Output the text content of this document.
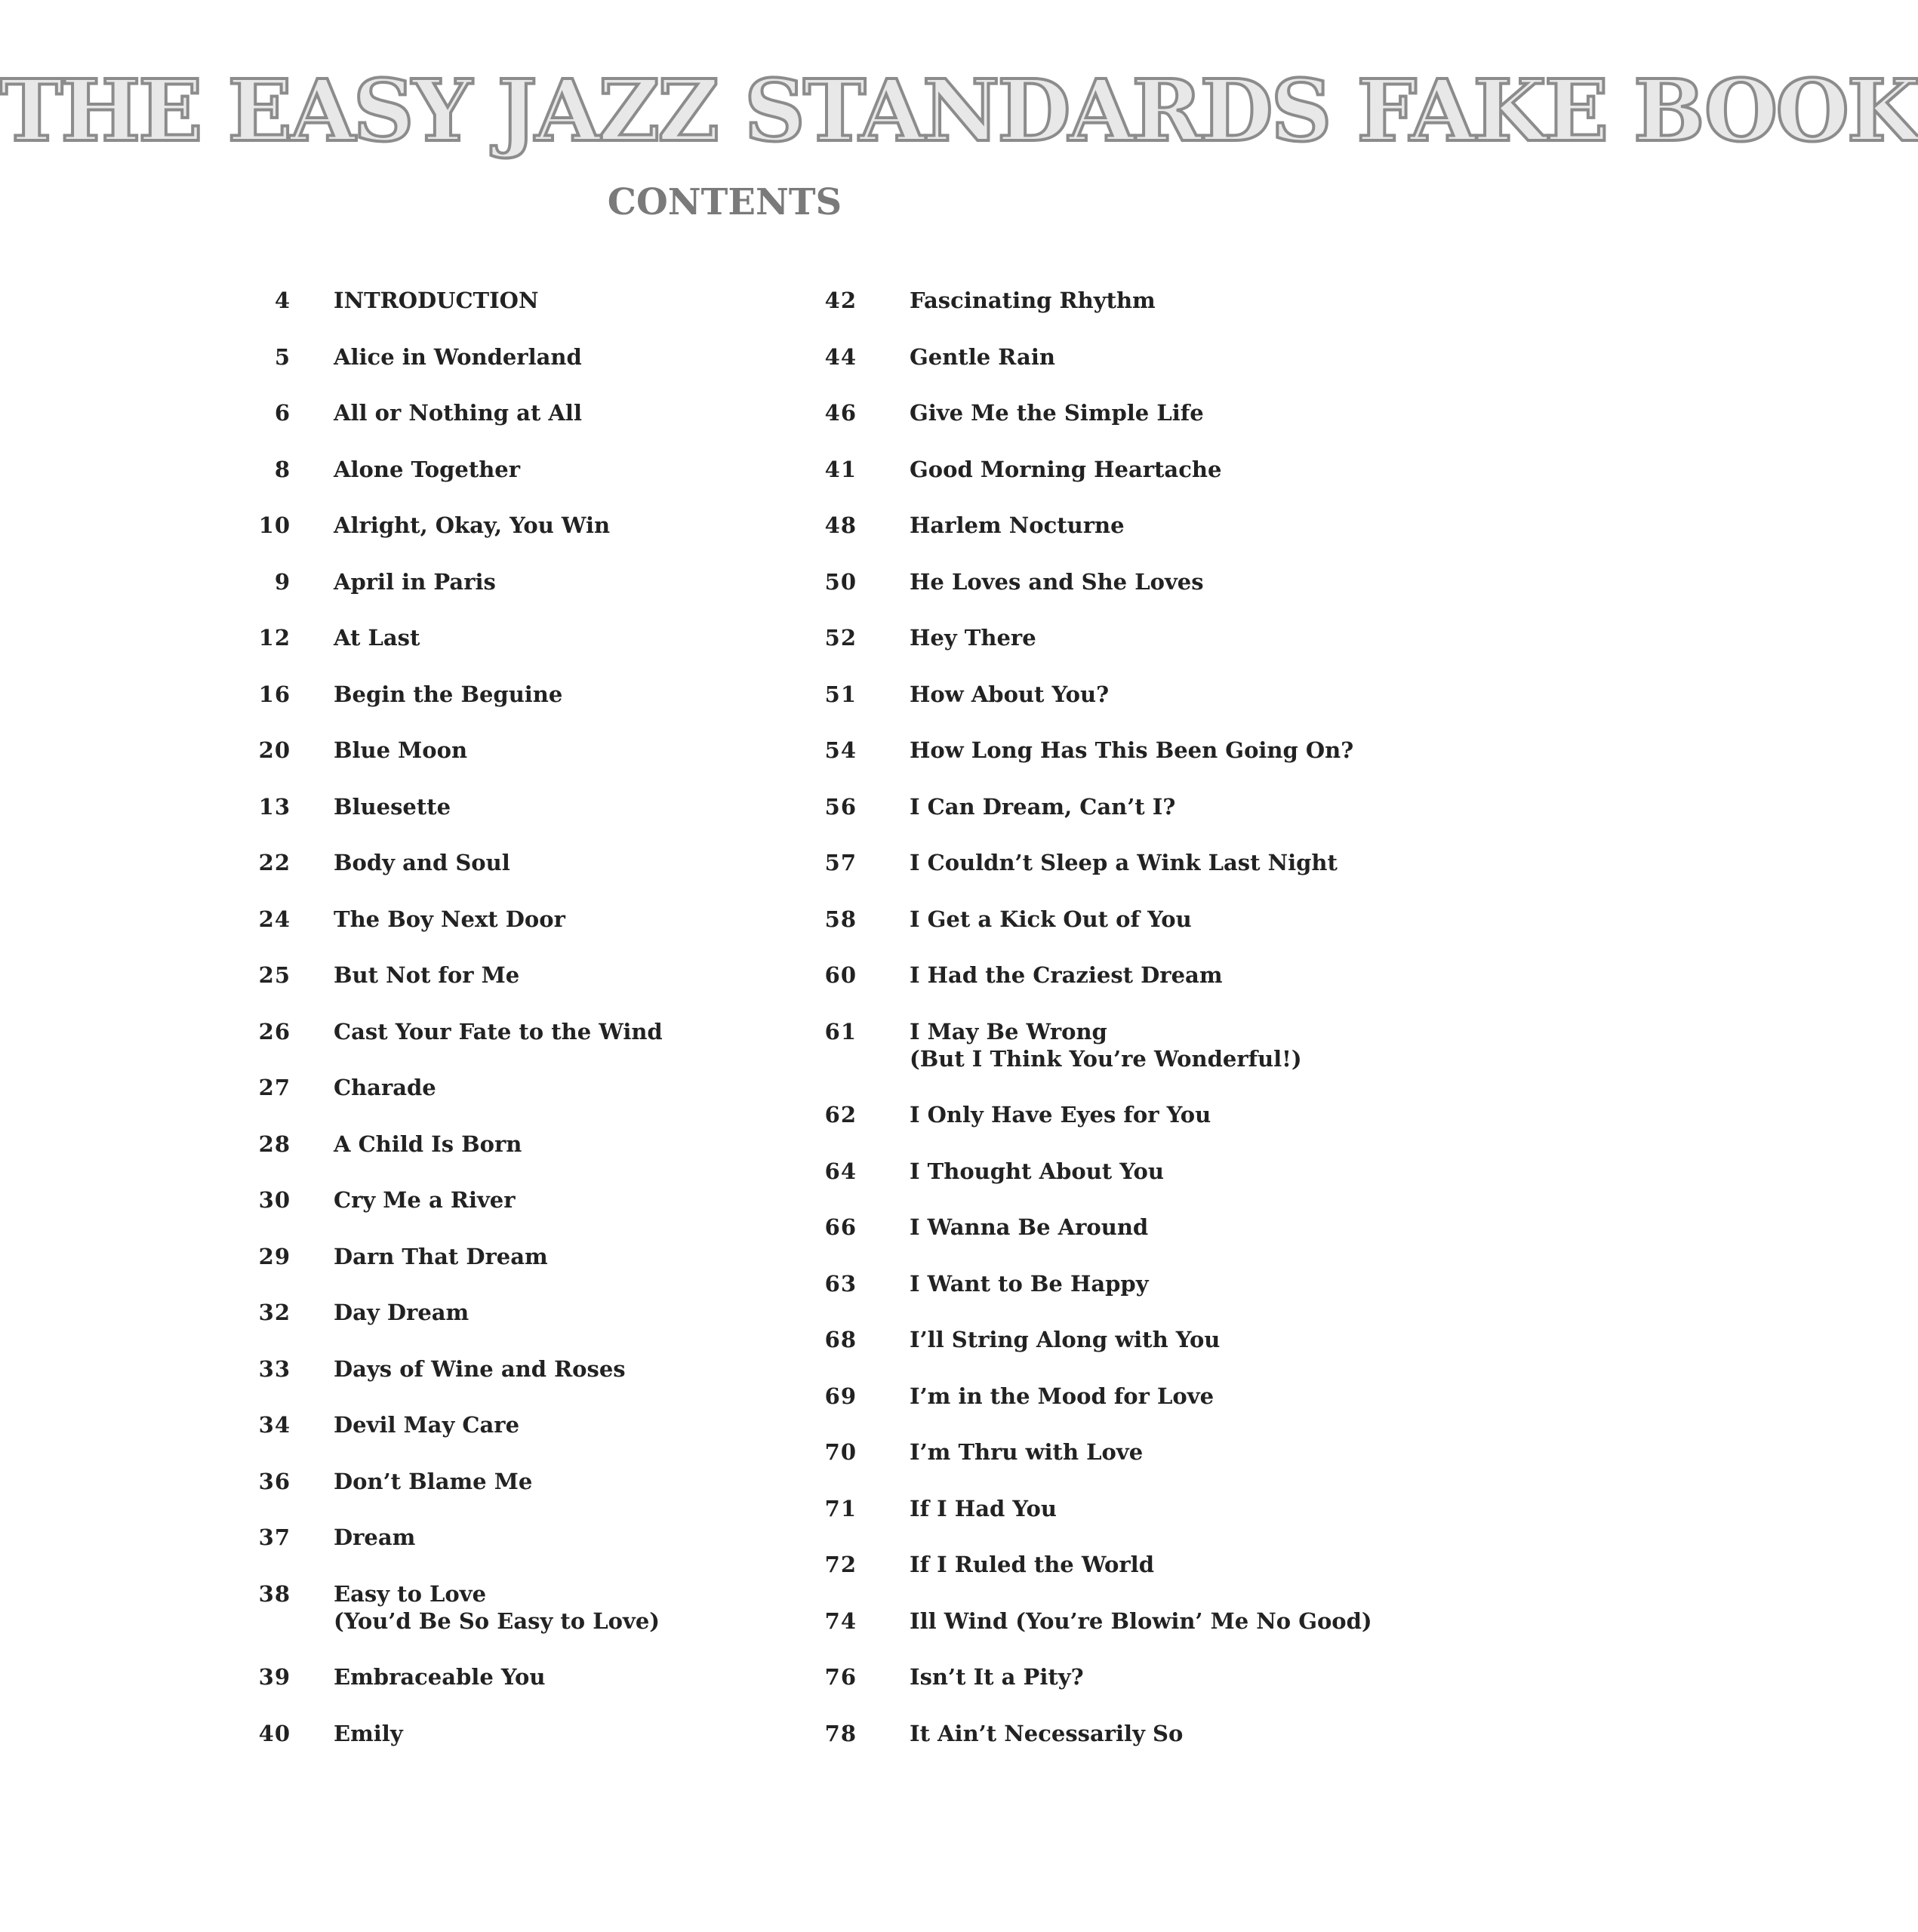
THE EASY JAZZ STANDARDS FAKE BOOK
CONTENTS
4 INTRODUCTION
5 Alice in Wonderland
6 All or Nothing at All
8 Alone Together
10 Alright, Okay, You Win
9 April in Paris
12 At Last
16 Begin the Beguine
20 Blue Moon
13 Bluesette
22 Body and Soul
24 The Boy Next Door
25 But Not for Me
26 Cast Your Fate to the Wind
27 Charade
28 A Child Is Born
30 Cry Me a River
29 Darn That Dream
32 Day Dream
33 Days of Wine and Roses
34 Devil May Care
36 Don’t Blame Me
37 Dream
38 Easy to Love
(You’d Be So Easy to Love)
39 Embraceable You
40 Emily
42 Fascinating Rhythm
44 Gentle Rain
46 Give Me the Simple Life
41 Good Morning Heartache
48 Harlem Nocturne
50 He Loves and She Loves
52 Hey There
51 How About You?
54 How Long Has This Been Going On?
56 I Can Dream, Can’t I?
57 I Couldn’t Sleep a Wink Last Night
58 I Get a Kick Out of You
60 I Had the Craziest Dream
61 I May Be Wrong
(But I Think You’re Wonderful!)
62 I Only Have Eyes for You
64 I Thought About You
66 I Wanna Be Around
63 I Want to Be Happy
68 I’ll String Along with You
69 I’m in the Mood for Love
70 I’m Thru with Love
71 If I Had You
72 If I Ruled the World
74 Ill Wind (You’re Blowin’ Me No Good)
76 Isn’t It a Pity?
78 It Ain’t Necessarily So
